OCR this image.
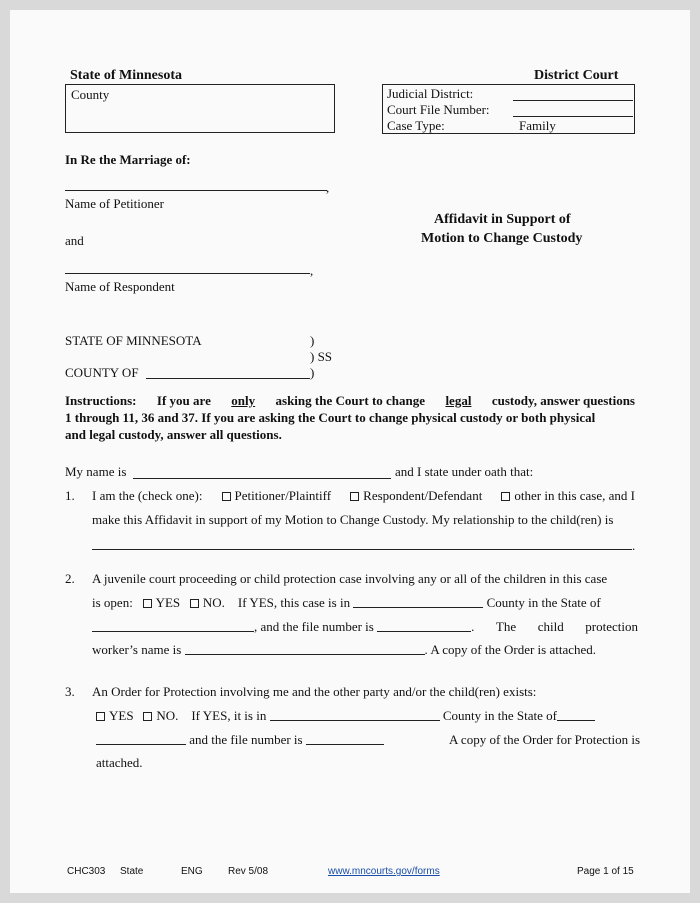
State of Minnesota	District Court
County	Judicial District:
Court File Number:
Case Type:	Family
In Re the Marriage of:
,
Name of Petitioner
and
Affidavit in Support of
Motion to Change Custody
,
Name of Respondent
STATE OF MINNESOTA	)
) SS
COUNTY OF	)
Instructions: If you are only asking the Court to change legal custody, answer questions
1 through 11, 36 and 37. If you are asking the Court to change physical custody or both physical
and legal custody, answer all questions.
My name is	and I state under oath that:
1. I am the (check one):	Petitioner/Plaintiff	Respondent/Defendant	other in this case, and I
make this Affidavit in support of my Motion to Change Custody. My relationship to the child(ren) is
.
2. A juvenile court proceeding or child protection case involving any or all of the children in this case
is open: YES NO. If YES, this case is in	County in the State of
, and the file number is	. The child protection
worker’s name is	. A copy of the Order is attached.
3. An Order for Protection involving me and the other party and/or the child(ren) exists:
YES NO. If YES, it is in	County in the State of
and the file number is	A copy of the Order for Protection is
attached.
CHC303 State	ENG	Rev 5/08	www.mncourts.gov/forms	Page 1 of 15
